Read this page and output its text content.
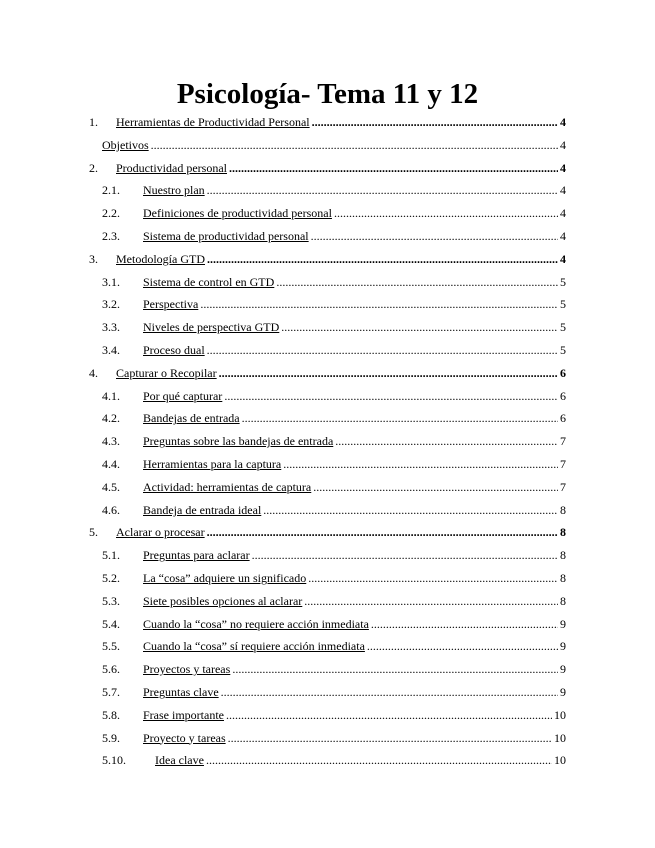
Psicología- Tema 11 y 12
1. Herramientas de Productividad Personal . . .	4
Objetivos . . .	4
2. Productividad personal . . .	4
2.1. Nuestro plan . . .	4
2.2. Definiciones de productividad personal . . .	4
2.3. Sistema de productividad personal . . .	4
3. Metodología GTD . . .	4
3.1. Sistema de control en GTD . . .	5
3.2. Perspectiva . . .	5
3.3. Niveles de perspectiva GTD . . .	5
3.4. Proceso dual . . .	5
4. Capturar o Recopilar . . .	6
4.1. Por qué capturar . . .	6
4.2. Bandejas de entrada . . .	6
4.3. Preguntas sobre las bandejas de entrada . . .	7
4.4. Herramientas para la captura . . .	7
4.5. Actividad: herramientas de captura . . .	7
4.6. Bandeja de entrada ideal . . .	8
5. Aclarar o procesar . . .	8
5.1. Preguntas para aclarar . . .	8
5.2. La “cosa” adquiere un significado . . .	8
5.3. Siete posibles opciones al aclarar . . .	8
5.4. Cuando la “cosa” no requiere acción inmediata . . .	9
5.5. Cuando la “cosa” sí requiere acción inmediata . . .	9
5.6. Proyectos y tareas . . .	9
5.7. Preguntas clave . . .	9
5.8. Frase importante . . .	10
5.9. Proyecto y tareas . . .	10
5.10. Idea clave . . .	10
